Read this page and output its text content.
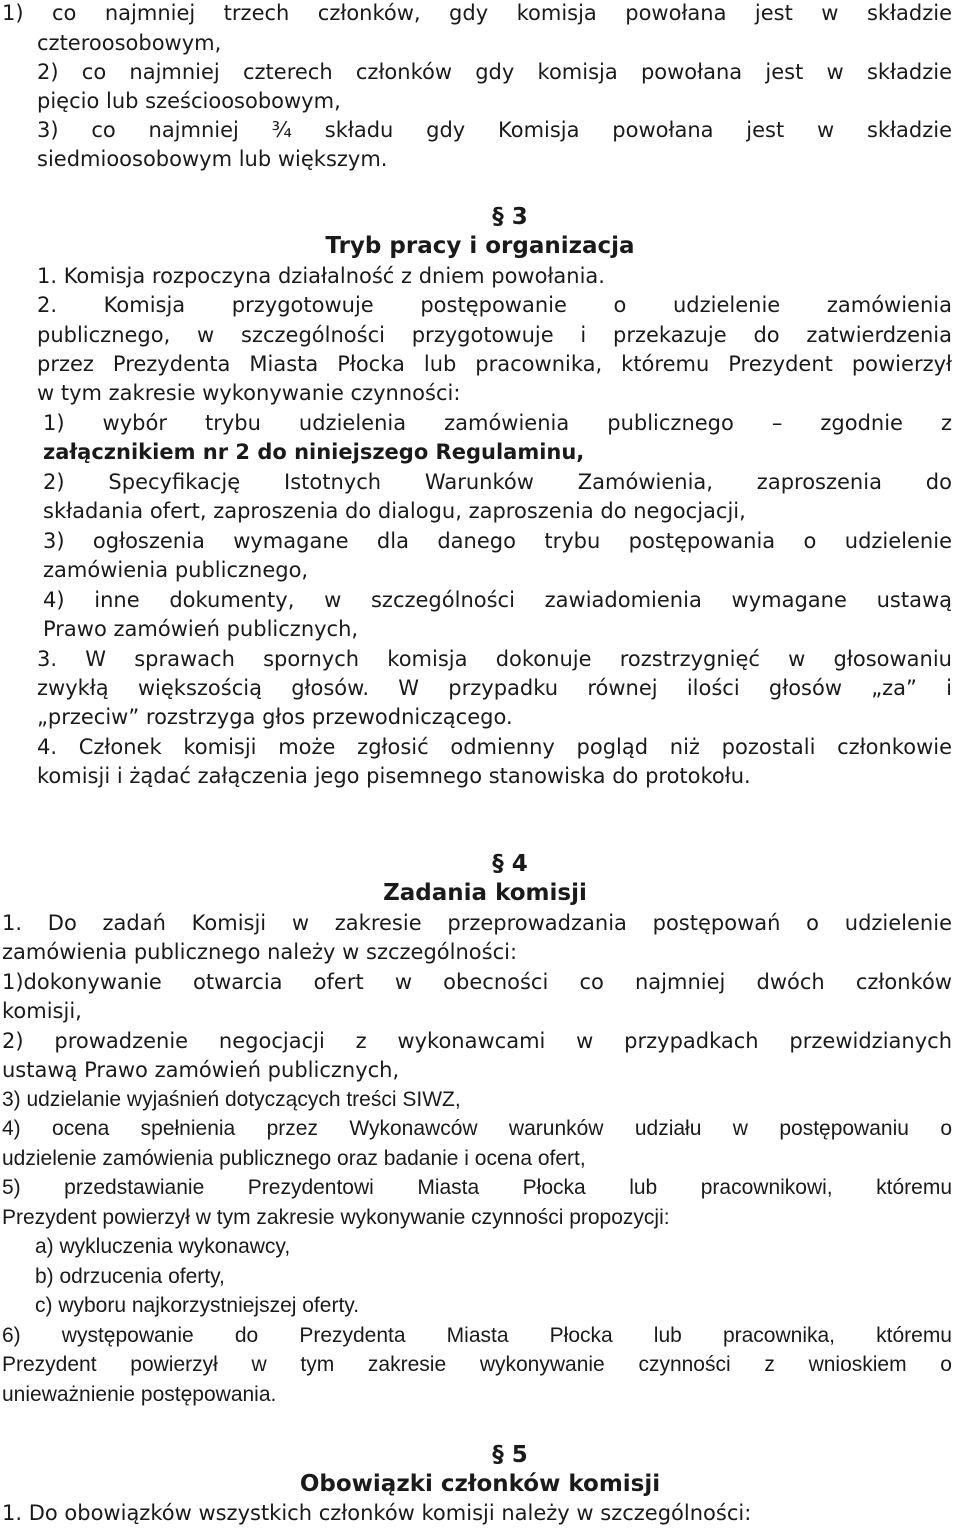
1) co najmniej trzech członków, gdy komisja powołana jest w składzie
czteroosobowym,
2) co najmniej czterech członków gdy komisja powołana jest w składzie
pięcio lub sześcioosobowym,
3) co najmniej ¾ składu gdy Komisja powołana jest w składzie
siedmioosobowym lub większym.
§ 3
Tryb pracy i organizacja
1. Komisja rozpoczyna działalność z dniem powołania.
2. Komisja przygotowuje postępowanie o udzielenie zamówienia
publicznego, w szczególności przygotowuje i przekazuje do zatwierdzenia
przez Prezydenta Miasta Płocka lub pracownika, któremu Prezydent powierzył
w tym zakresie wykonywanie czynności:
1) wybór trybu udzielenia zamówienia publicznego – zgodnie z
załącznikiem nr 2 do niniejszego Regulaminu,
2) Specyfikację Istotnych Warunków Zamówienia, zaproszenia do
składania ofert, zaproszenia do dialogu, zaproszenia do negocjacji,
3) ogłoszenia wymagane dla danego trybu postępowania o udzielenie
zamówienia publicznego,
4) inne dokumenty, w szczególności zawiadomienia wymagane ustawą
Prawo zamówień publicznych,
3. W sprawach spornych komisja dokonuje rozstrzygnięć w głosowaniu
zwykłą większością głosów. W przypadku równej ilości głosów „za” i
„przeciw” rozstrzyga głos przewodniczącego.
4. Członek komisji może zgłosić odmienny pogląd niż pozostali członkowie
komisji i żądać załączenia jego pisemnego stanowiska do protokołu.
§ 4
Zadania komisji
1. Do zadań Komisji w zakresie przeprowadzania postępowań o udzielenie
zamówienia publicznego należy w szczególności:
1)dokonywanie otwarcia ofert w obecności co najmniej dwóch członków
komisji,
2) prowadzenie negocjacji z wykonawcami w przypadkach przewidzianych
ustawą Prawo zamówień publicznych,
3) udzielanie wyjaśnień dotyczących treści SIWZ,
4) ocena spełnienia przez Wykonawców warunków udziału w postępowaniu o
udzielenie zamówienia publicznego oraz badanie i ocena ofert,
5) przedstawianie Prezydentowi Miasta Płocka lub pracownikowi, któremu
Prezydent powierzył w tym zakresie wykonywanie czynności propozycji:
a) wykluczenia wykonawcy,
b) odrzucenia oferty,
c) wyboru najkorzystniejszej oferty.
6) występowanie do Prezydenta Miasta Płocka lub pracownika, któremu
Prezydent powierzył w tym zakresie wykonywanie czynności z wnioskiem o
unieważnienie postępowania.
§ 5
Obowiązki członków komisji
1. Do obowiązków wszystkich członków komisji należy w szczególności:
